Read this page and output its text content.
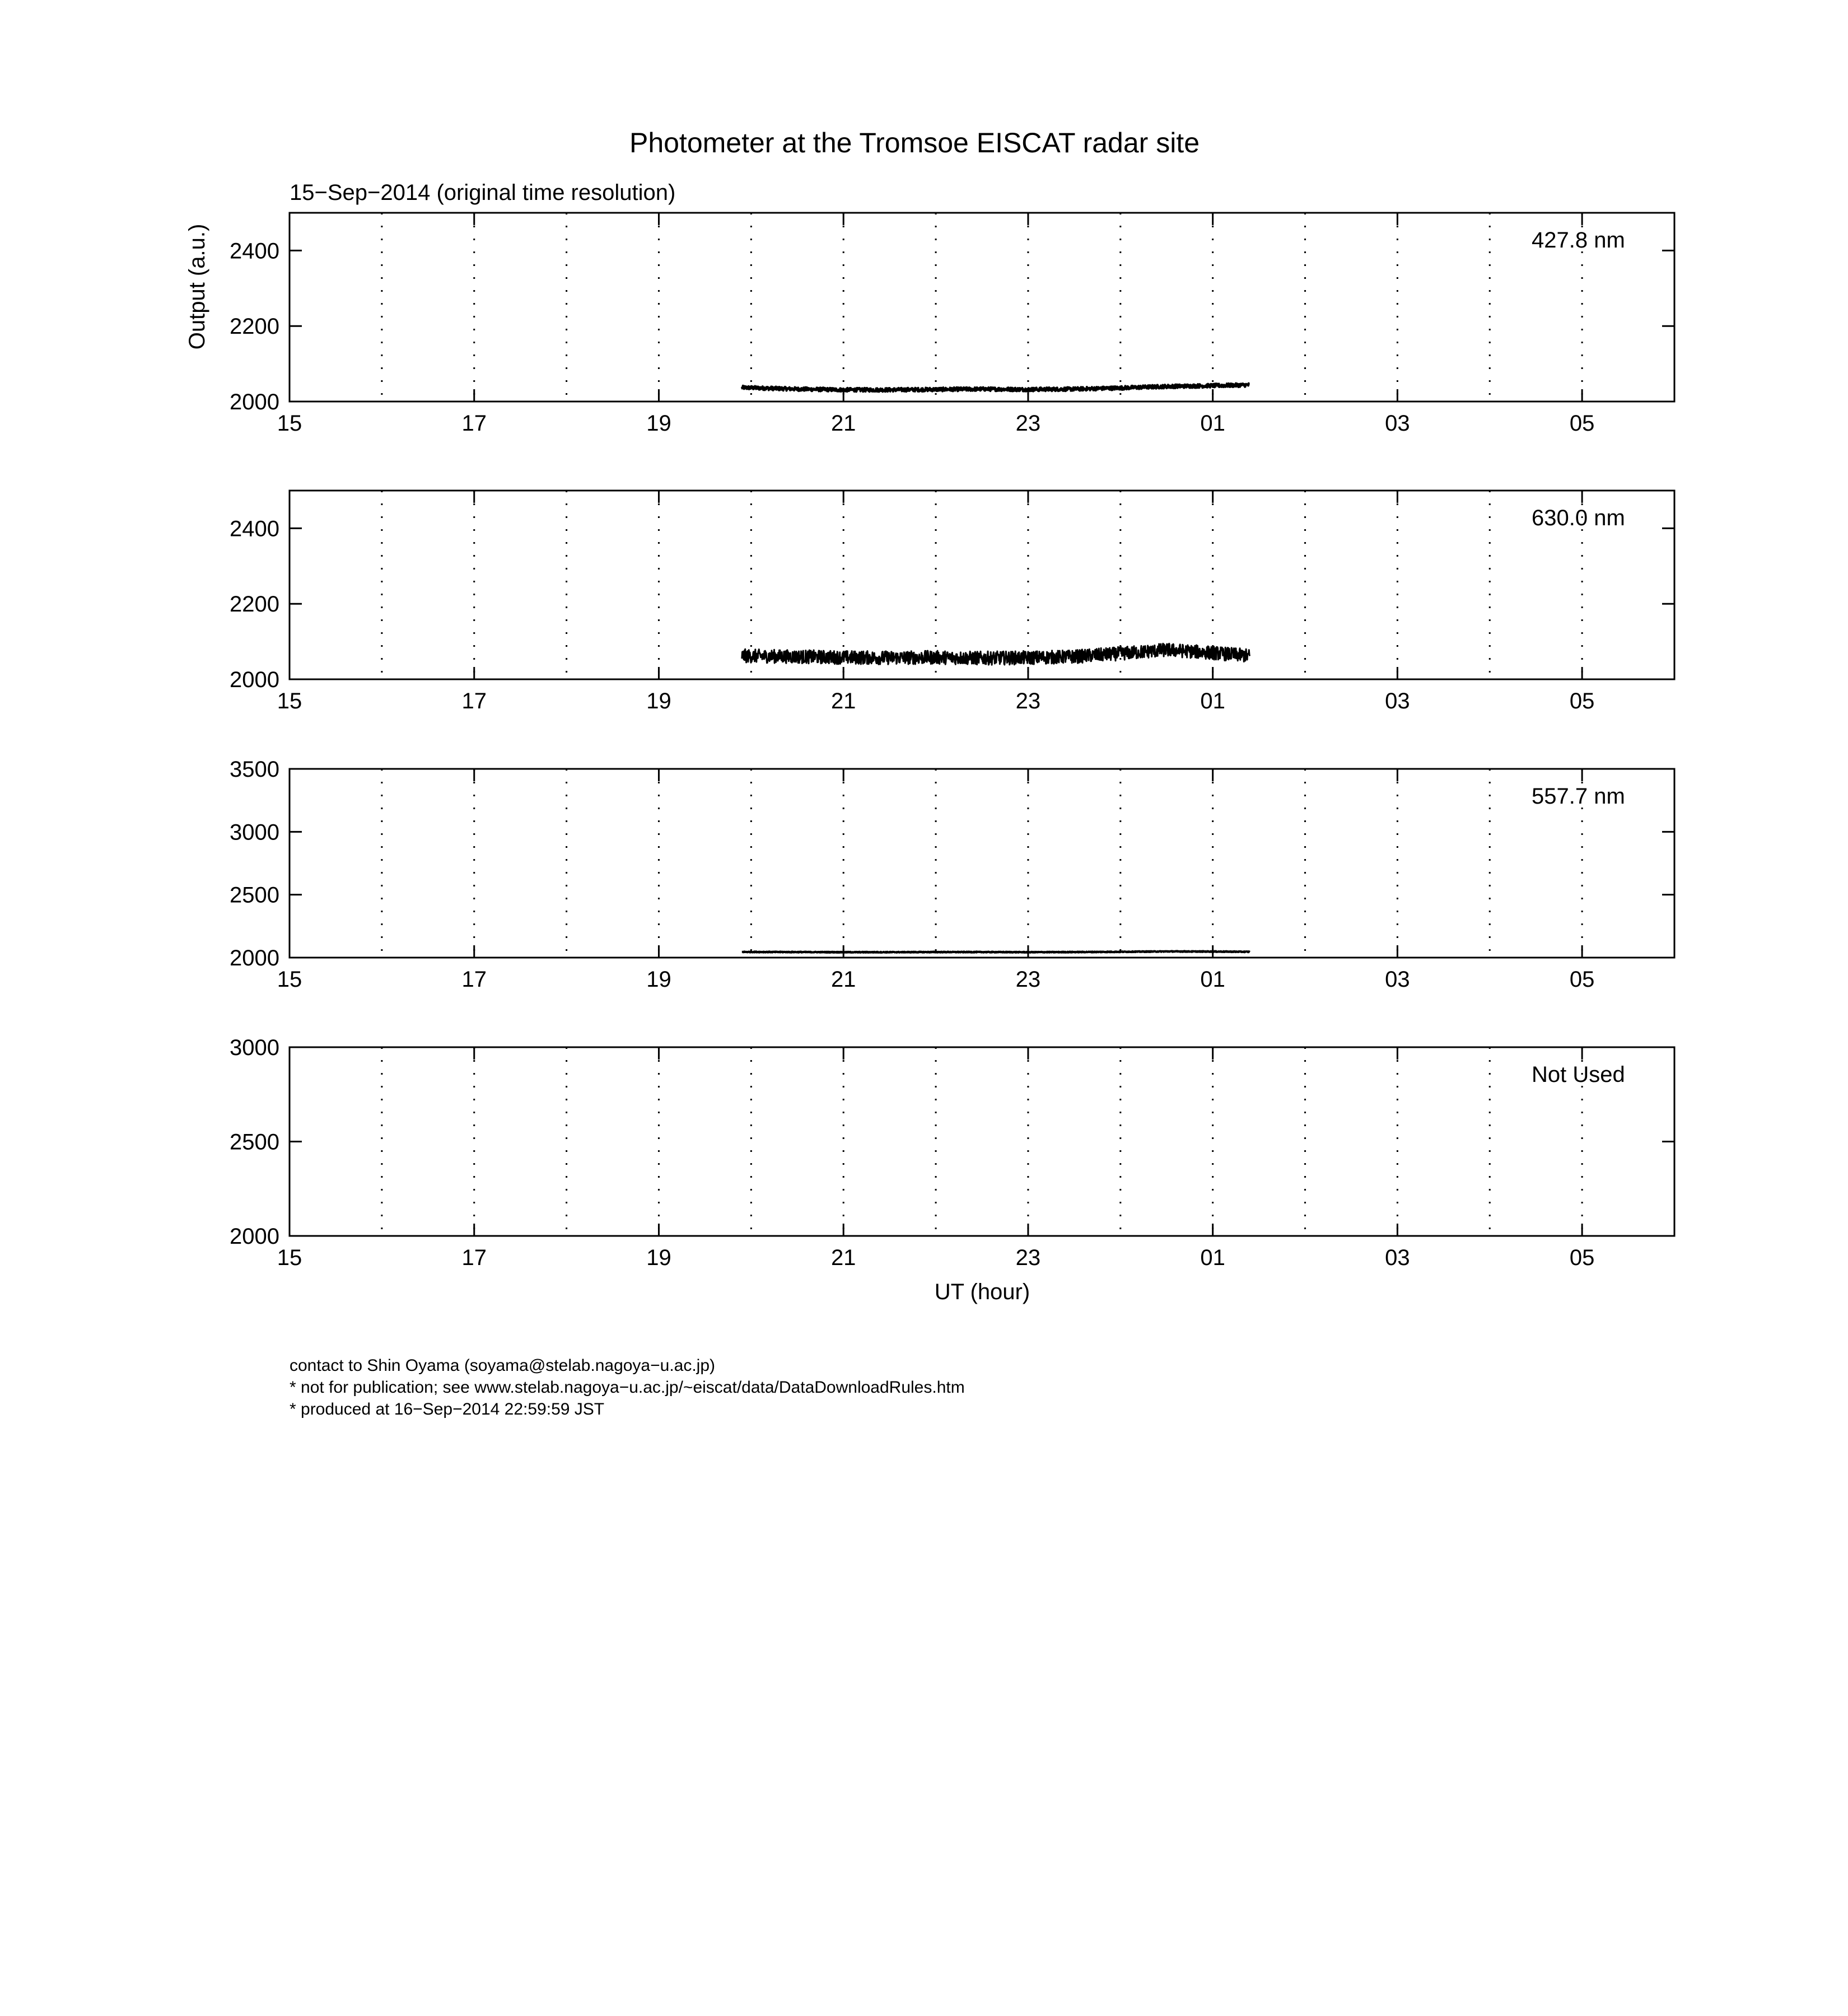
Photometer at the Tromsoe EISCAT radar site
15−Sep−2014 (original time resolution)
Output (a.u.)
UT (hour)
15	17	19	21	23	01	03	05
2000
2200
2400	427.8 nm
15	17	19	21	23	01	03	05
2000
2200
2400	630.0 nm
15	17	19	21	23	01	03	05
2000
2500
3000
3500
557.7 nm
15	17	19	21	23	01	03	05
2000
2500
3000
Not Used
contact to Shin Oyama (soyama@stelab.nagoya−u.ac.jp)
* not for publication; see www.stelab.nagoya−u.ac.jp/~eiscat/data/DataDownloadRules.htm
* produced at 16−Sep−2014 22:59:59 JST
